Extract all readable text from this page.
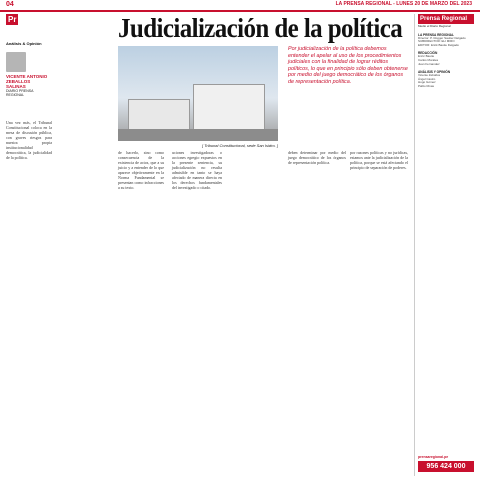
04	LA PRENSA REGIONAL - LUNES 20 DE MARZO DEL 2023
Pr Análisis & Opinión
VICENTE ANTONIO ZEBALLOS SALINAS
DIARIO PRENSA REGIONAL
Judicialización de la política
[ Tribunal Constitucional, sede San Isidro. ]
Por judicialización de la política debemos entender el apelar al uso de los procedimientos judiciales con la finalidad de lograr réditos políticos, lo que en principio sólo deben obtenerse por medio del juego democrático de los órganos de representación política.
Una vez más, el Tribunal Constitucional coloca en la mesa de discusión pública, con graves riesgos para nuestra propia institucionalidad democrática, la judicialidad de la política.
de hacerlo, sino como consecuencia de la existencia de actos, que a su juicio y a entender de lo que aparece objetivamente en la Norma Fundamental se presentan como infracciones a su texto.
uciones investigadoras o acciones egregio expuestos en la presente sentencia, su judicialización no resulta admisible en tanto se haya afectado de manera directa en los derechos fundamentales del investigado o citado.
deben determinar por medio del juego democrático de los órganos de representación política.
por razones políticas y no jurídicas, estamos ante la judicialización de la política, porque se está afectando el principio de separación de poderes.
Prensa Regional
Medio el Diario Regional
LA PRENSA REGIONAL
Director: P. Rogger Sautier Delgado
SUBDIRECTOR: ELI MIRO
EDITOR: Erick Bautie Delgado
REDACCIÓN
Enric Bautie
Carlos Morales
Juan Fernandez
ANÁLISIS Y OPINIÓN
Vicente Zeballos
Ángel Castro
Hugo Gómez
Pablo Rivas
prensaregional.pe
956 424 000
